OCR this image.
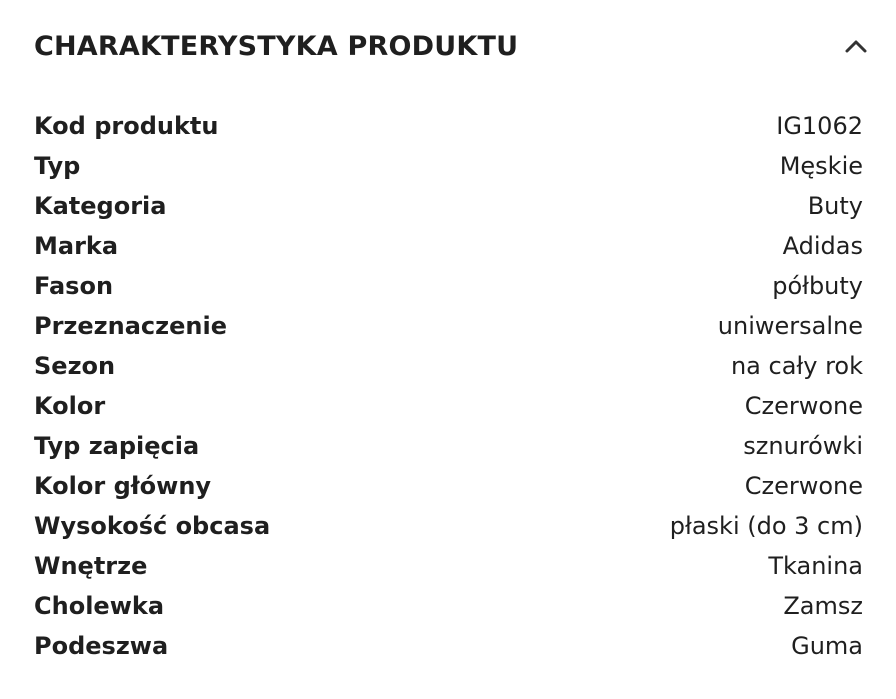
CHARAKTERYSTYKA PRODUKTU
Kod produktu	IG1062
Typ	Męskie
Kategoria	Buty
Marka	Adidas
Fason	półbuty
Przeznaczenie	uniwersalne
Sezon	na cały rok
Kolor	Czerwone
Typ zapięcia	sznurówki
Kolor główny	Czerwone
Wysokość obcasa	płaski (do 3 cm)
Wnętrze	Tkanina
Cholewka	Zamsz
Podeszwa	Guma
